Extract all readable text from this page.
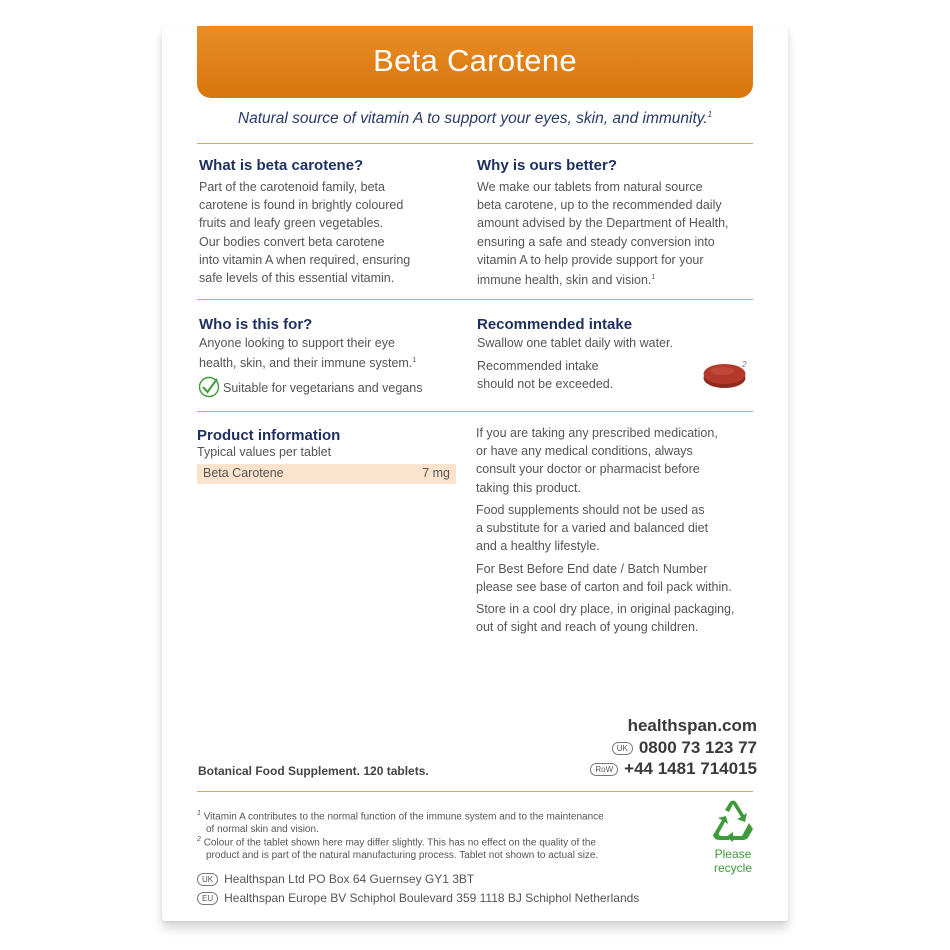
Beta Carotene
Natural source of vitamin A to support your eyes, skin, and immunity.$^1$
What is beta carotene?

Part of the carotenoid family, beta

carotene is found in brightly coloured

fruits and leafy green vegetables.

Our bodies convert beta carotene

into vitamin A when required, ensuring

safe levels of this essential vitamin.

Why is ours better?

We make our tablets from natural source

beta carotene, up to the recommended daily

amount advised by the Department of Health,

ensuring a safe and steady conversion into

vitamin A to help provide support for your

immune health, skin and vision.$^1$

Who is this for?

Anyone looking to support their eye

health, skin, and their immune system.$^1$

Suitable for vegetarians and vegans
Recommended intake
Swallow one tablet daily with water.

Recommended intake

should not be exceeded.

2
Product information
Typical values per tablet
Beta Carotene	7 mg

If you are taking any prescribed medication,

or have any medical conditions, always

consult your doctor or pharmacist before

taking this product.

Food supplements should not be used as

a substitute for a varied and balanced diet

and a healthy lifestyle.

For Best Before End date / Batch Number

please see base of carton and foil pack within.

Store in a cool dry place, in original packaging,

out of sight and reach of young children.

healthspan.com
UK 0800 73 123 77
RoW +44 1481 714015
Botanical Food Supplement. 120 tablets.
$^1$ Vitamin A contributes to the normal function of the immune system and to the maintenance
of normal skin and vision.
$^2$ Colour of the tablet shown here may differ slightly. This has no effect on the quality of the
product and is part of the natural manufacturing process. Tablet not shown to actual size.	Please
recycle
UK Healthspan Ltd PO Box 64 Guernsey GY1 3BT
EU Healthspan Europe BV Schiphol Boulevard 359 1118 BJ Schiphol Netherlands
